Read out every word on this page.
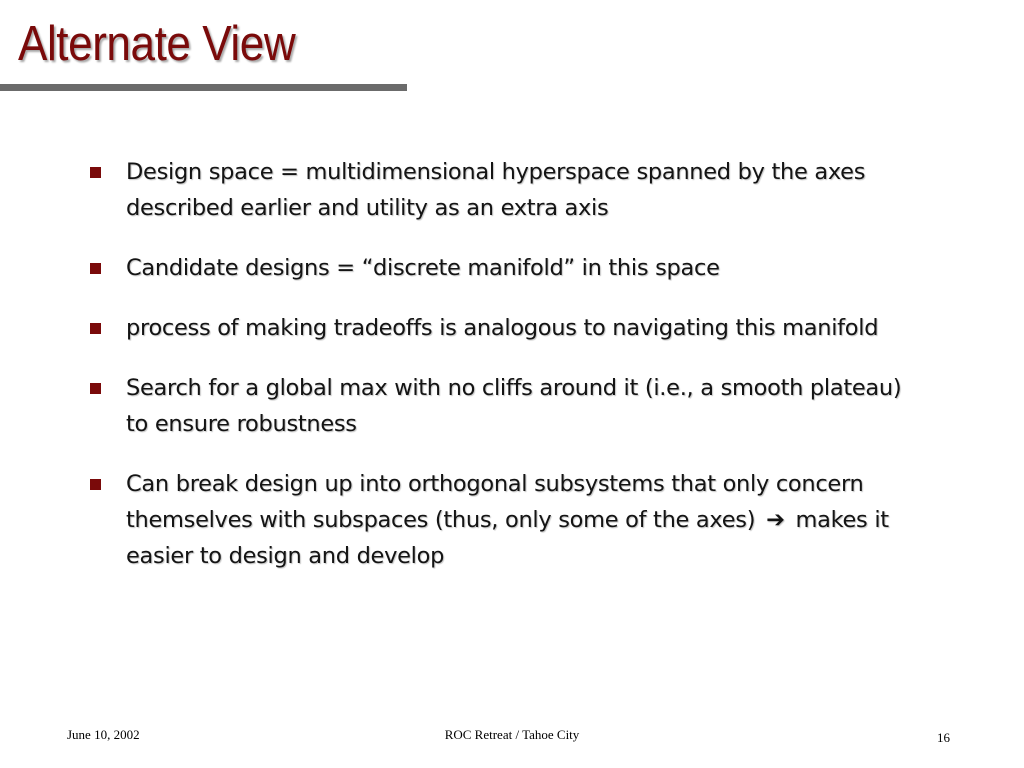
Alternate View
Design space = multidimensional hyperspace spanned by the axes described earlier and utility as an extra axis
Candidate designs = “discrete manifold” in this space
process of making tradeoffs is analogous to navigating this manifold
Search for a global max with no cliffs around it (i.e., a smooth plateau) to ensure robustness
Can break design up into orthogonal subsystems that only concern themselves with subspaces (thus, only some of the axes) ➔ makes it easier to design and develop
June 10, 2002	ROC Retreat / Tahoe City	16
